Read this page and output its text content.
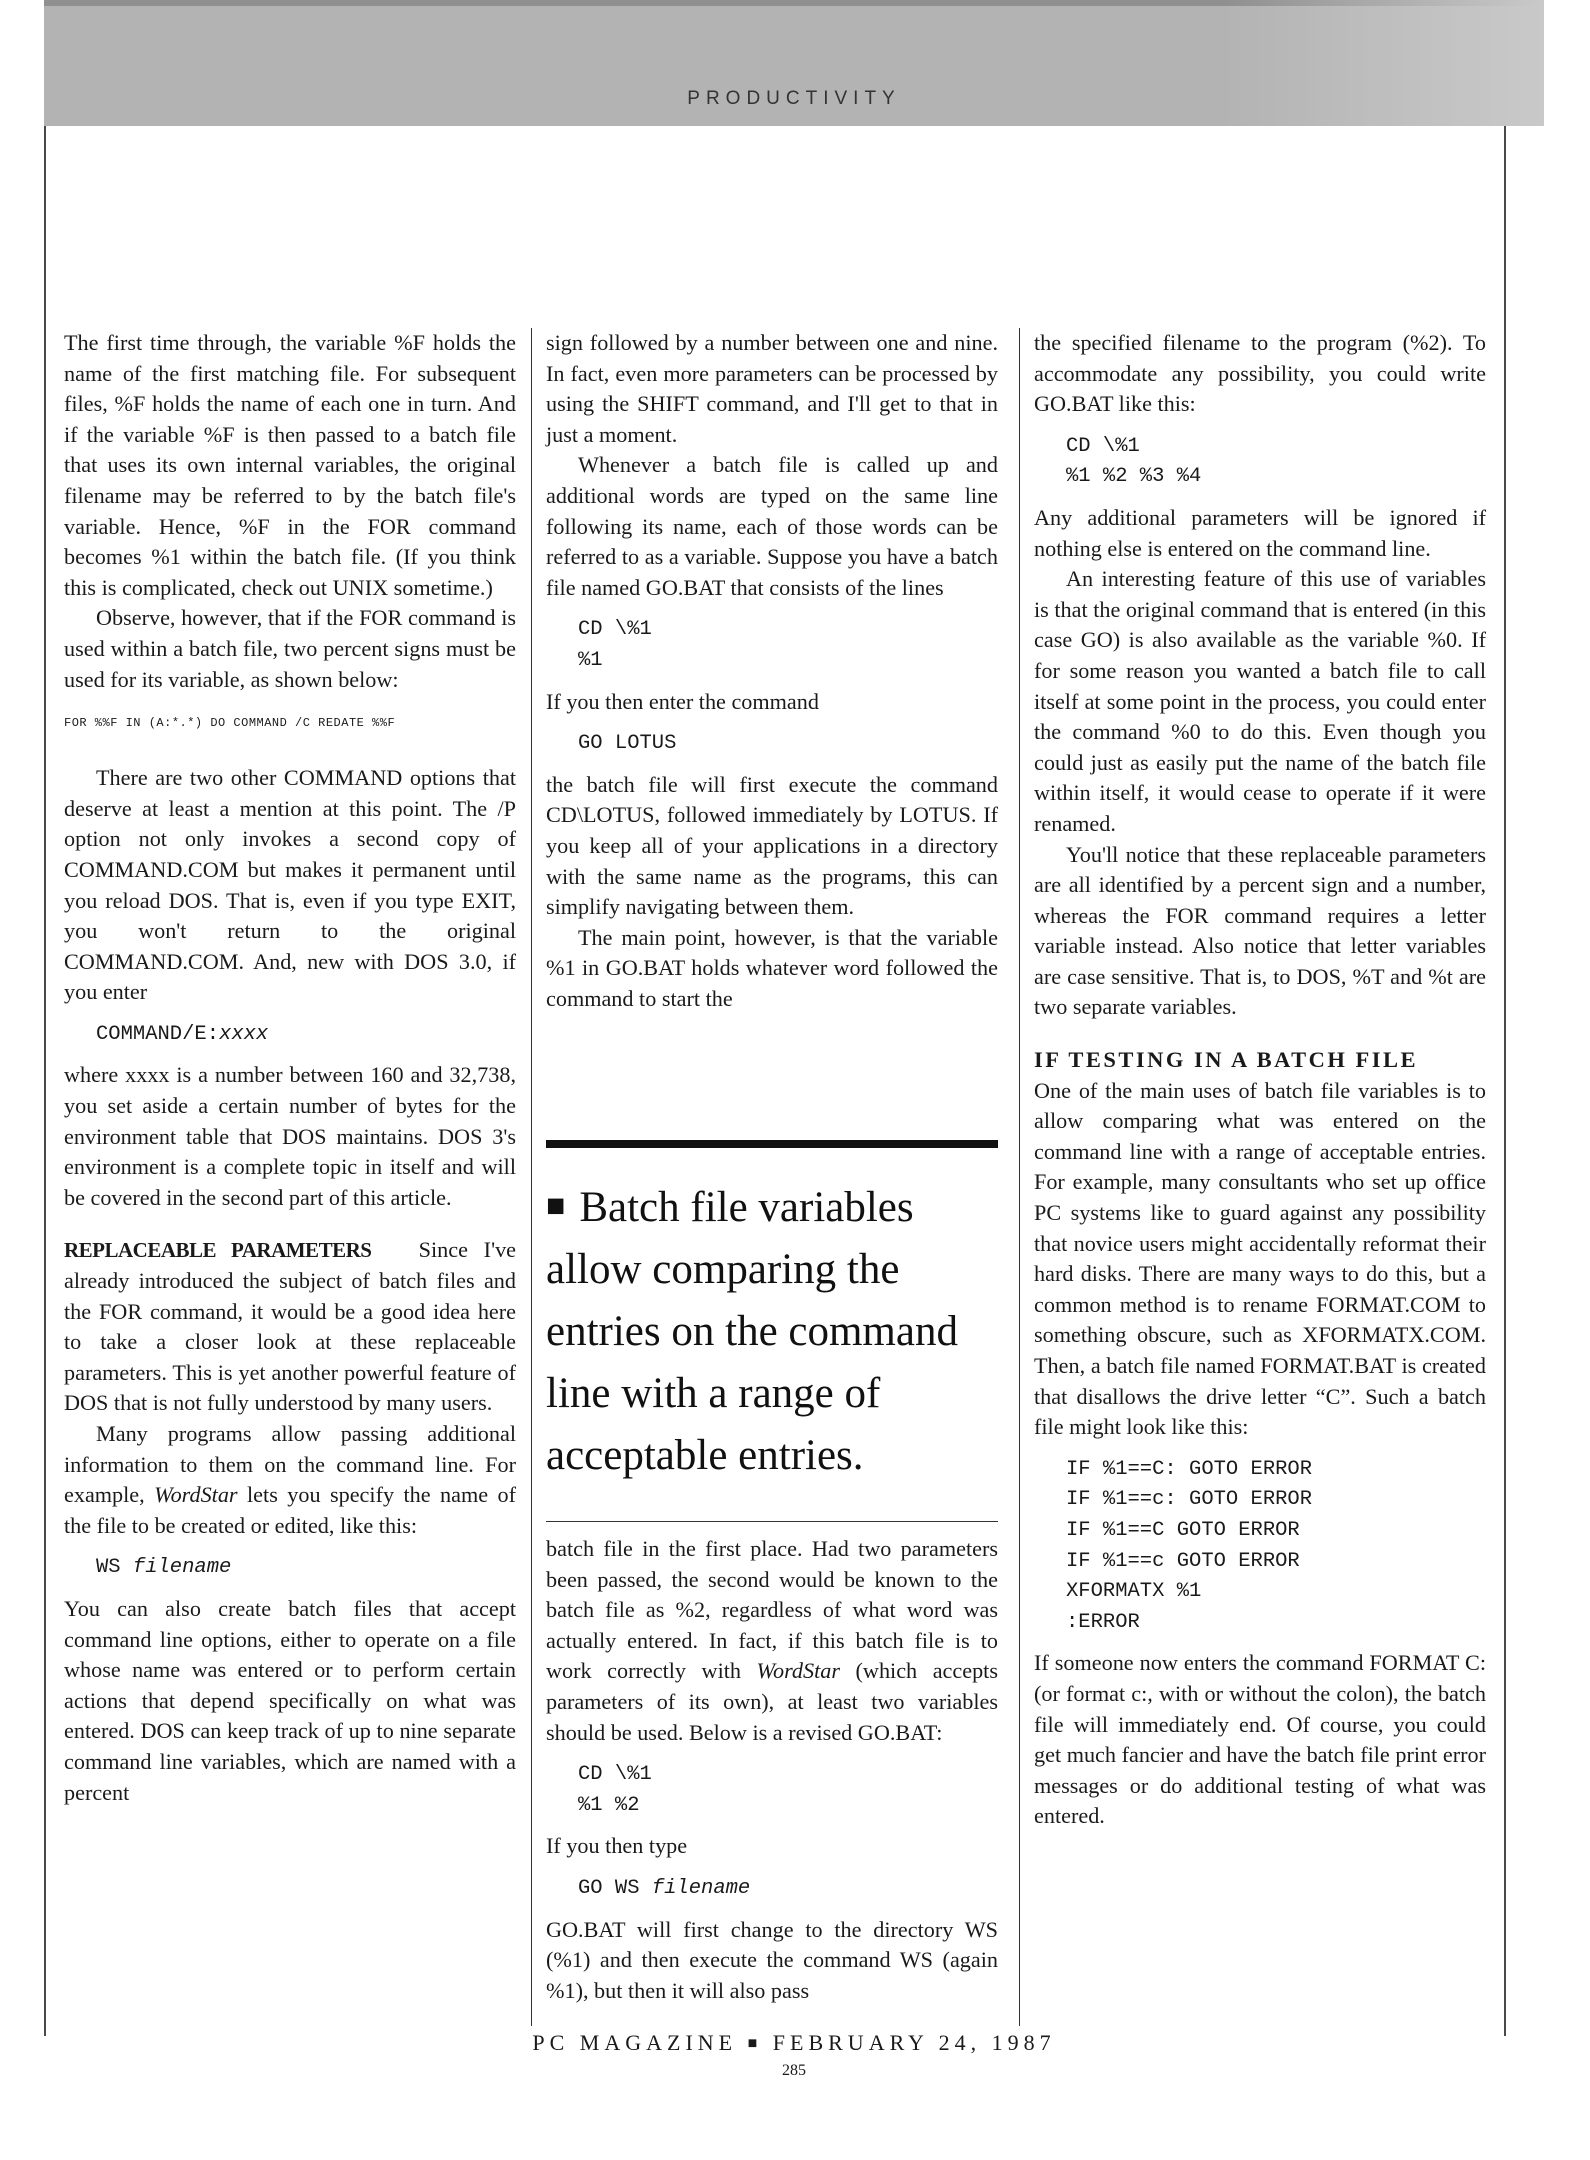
PRODUCTIVITY

The first time through, the variable %F holds the name of the first matching file. For subsequent files, %F holds the name of each one in turn. And if the variable %F is then passed to a batch file that uses its own internal variables, the original filename may be referred to by the batch file's variable. Hence, %F in the FOR command becomes %1 within the batch file. (If you think this is complicated, check out UNIX sometime.)

Observe, however, that if the FOR command is used within a batch file, two percent signs must be used for its variable, as shown below:

FOR %%F IN (A:*.*) DO COMMAND /C REDATE %%F

There are two other COMMAND options that deserve at least a mention at this point. The /P option not only invokes a second copy of COMMAND.COM but makes it permanent until you reload DOS. That is, even if you type EXIT, you won't return to the original COMMAND.COM. And, new with DOS 3.0, if you enter

COMMAND/E:xxxx

where xxxx is a number between 160 and 32,738, you set aside a certain number of bytes for the environment table that DOS maintains. DOS 3's environment is a complete topic in itself and will be covered in the second part of this article.

REPLACEABLE PARAMETERS Since I've already introduced the subject of batch files and the FOR command, it would be a good idea here to take a closer look at these replaceable parameters. This is yet another powerful feature of DOS that is not fully understood by many users.

Many programs allow passing additional information to them on the command line. For example, WordStar lets you specify the name of the file to be created or edited, like this:

WS filename

You can also create batch files that accept command line options, either to operate on a file whose name was entered or to perform certain actions that depend specifically on what was entered. DOS can keep track of up to nine separate command line variables, which are named with a percent

sign followed by a number between one and nine. In fact, even more parameters can be processed by using the SHIFT command, and I'll get to that in just a moment.

Whenever a batch file is called up and additional words are typed on the same line following its name, each of those words can be referred to as a variable. Suppose you have a batch file named GO.BAT that consists of the lines

CD \%1
%1

If you then enter the command

GO LOTUS

the batch file will first execute the command CD\LOTUS, followed immediately by LOTUS. If you keep all of your applications in a directory with the same name as the programs, this can simplify navigating between them.

The main point, however, is that the variable %1 in GO.BAT holds whatever word followed the command to start the

■ Batch file variables allow comparing the entries on the command line with a range of acceptable entries.

batch file in the first place. Had two parameters been passed, the second would be known to the batch file as %2, regardless of what word was actually entered. In fact, if this batch file is to work correctly with WordStar (which accepts parameters of its own), at least two variables should be used. Below is a revised GO.BAT:

CD \%1
%1 %2

If you then type

GO WS filename

GO.BAT will first change to the directory WS (%1) and then execute the command WS (again %1), but then it will also pass

the specified filename to the program (%2). To accommodate any possibility, you could write GO.BAT like this:

CD \%1
%1 %2 %3 %4

Any additional parameters will be ignored if nothing else is entered on the command line.

An interesting feature of this use of variables is that the original command that is entered (in this case GO) is also available as the variable %0. If for some reason you wanted a batch file to call itself at some point in the process, you could enter the command %0 to do this. Even though you could just as easily put the name of the batch file within itself, it would cease to operate if it were renamed.

You'll notice that these replaceable parameters are all identified by a percent sign and a number, whereas the FOR command requires a letter variable instead. Also notice that letter variables are case sensitive. That is, to DOS, %T and %t are two separate variables.

IF TESTING IN A BATCH FILE

One of the main uses of batch file variables is to allow comparing what was entered on the command line with a range of acceptable entries. For example, many consultants who set up office PC systems like to guard against any possibility that novice users might accidentally reformat their hard disks. There are many ways to do this, but a common method is to rename FORMAT.COM to something obscure, such as XFORMATX.COM. Then, a batch file named FORMAT.BAT is created that disallows the drive letter “C”. Such a batch file might look like this:

IF %1==C: GOTO ERROR
IF %1==c: GOTO ERROR
IF %1==C GOTO ERROR
IF %1==c GOTO ERROR
XFORMATX %1
:ERROR

If someone now enters the command FORMAT C: (or format c:, with or without the colon), the batch file will immediately end. Of course, you could get much fancier and have the batch file print error messages or do additional testing of what was entered.

PC MAGAZINE ■ FEBRUARY 24, 1987
285
